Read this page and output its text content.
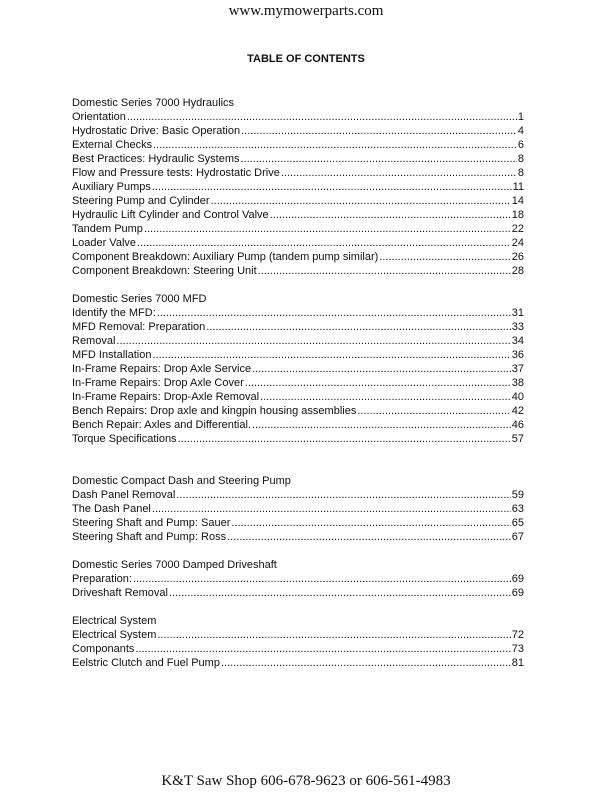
www.mymowerparts.com
TABLE OF CONTENTS
Domestic Series 7000 Hydraulics
Orientation .....	1
Hydrostatic Drive: Basic Operation .....	4
External Checks .....	6
Best Practices: Hydraulic Systems .....	8
Flow and Pressure tests: Hydrostatic Drive .....	8
Auxiliary Pumps .....	11
Steering Pump and Cylinder .....	14
Hydraulic Lift Cylinder and Control Valve .....	18
Tandem Pump .....	22
Loader Valve .....	24
Component Breakdown: Auxiliary Pump (tandem pump similar) .....	26
Component Breakdown: Steering Unit .....	28
Domestic Series 7000 MFD
Identify the MFD: .....	31
MFD Removal: Preparation .....	33
Removal .....	34
MFD Installation .....	36
In-Frame Repairs: Drop Axle Service .....	37
In-Frame Repairs: Drop Axle Cover .....	38
In-Frame Repairs: Drop-Axle Removal .....	40
Bench Repairs: Drop axle and kingpin housing assemblies .....	42
Bench Repair: Axles and Differential. .....	46
Torque Specifications .....	57
Domestic Compact Dash and Steering Pump
Dash Panel Removal .....	59
The Dash Panel .....	63
Steering Shaft and Pump: Sauer .....	65
Steering Shaft and Pump: Ross .....	67
Domestic Series 7000 Damped Driveshaft
Preparation: .....	69
Driveshaft Removal .....	69
Electrical System
Electrical System .....	72
Componants .....	73
Eelstric Clutch and Fuel Pump .....	81
K&T Saw Shop 606-678-9623 or 606-561-4983
